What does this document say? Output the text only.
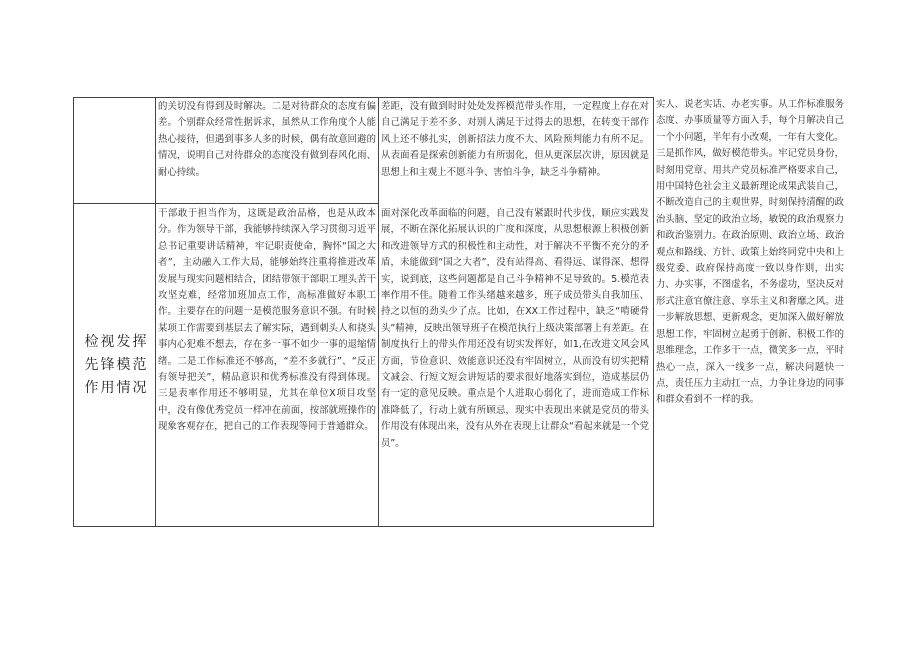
检视发挥
先锋模范
作用情况
的关切没有得到及时解决。二是对待群众的态度有偏差。个别群众经常性据诉求，虽然从工作角度个人能热心接待，但遇到事多人多的时候，偶有故意回避的情况，说明自己对待群众的态度没有做到春风化雨、耐心持续。
干部敢于担当作为，这既是政治品格，也是从政本分。作为领导干部，我能够持续深入学习贯彻习近平总书记重要讲话精神，牢记职责使命，胸怀“国之大者”，主动融入工作大局，能够始终注重将推进改革发展与现实问题相结合，团结带领干部职工埋头苦干攻坚克难，经常加班加点工作，高标准做好本职工作。主要存在的问题一是模范服务意识不强。有时候某项工作需要到基层去了解实际，遇到刺头人和挠头事内心犯难不想去，存在多一事不如少一事的退缩情绪。二是工作标准还不够高，“差不多就行”、“反正有领导把关”，精品意识和优秀标准没有得到体现。三是表率作用还不够明显，尤其在单位X项目攻坚中，没有像优秀党员一样冲在前面，按部就班操作的现象客观存在，把自己的工作表现等同于普通群众。
差距，没有做到时时处处发挥模范带头作用，一定程度上存在对自己满足于差不多、对别人满足于过得去的思想，在转变干部作风上还不够扎实，创新招法力度不大、风险预判能力有所不足。从表面看是探索创新能力有所弱化，但从更深层次讲，原因就是思想上和主观上不愿斗争、害怕斗争，缺乏斗争精神。
面对深化改革面临的问题，自己没有紧跟时代步伐，顺应实践发展，不断在深化拓展认识的广度和深度，从思想根源上积极创新和改进领导方式的积极性和主动性，对于解决不平衡不充分的矛盾，未能做到“国之大者”，没有站得高、看得远、谋得深、想得实，说到底，这些问题都是自己斗争精神不足导致的。5.模范表率作用不佳。随着工作头绪越来越多，班子成员带头自我加压、持之以恒的劲头少了点。比如，在XX工作过程中，缺乏“啃硬骨头”精神，反映出领导班子在模范执行上级决策部署上有差距。在制度执行上的带头作用还没有切实发挥好，如1,在改进文风会风方面，节俭意识、效能意识还没有牢固树立，从而没有切实把精文减会、行短文短会讲短话的要求很好地落实到位，造成基层仍有一定的意见反映。重点是个人进取心弱化了，进而造成工作标准降低了，行动上就有所顾忌，现实中表现出来就是党员的带头作用没有体现出来，没有从外在表现上让群众“看起来就是一个党员”。

实人、说老实话、办老实事。从工作标准服务态度、办事质量等方面入手，每个月解决自己一个小问题，半年有小改观，一年有大变化。

三是抓作风，做好模范带头。牢记党员身份，时刻用党章、用共产党员标准严格要求自己，用中国特色社会主义最新理论成果武装自己，不断改造自己的主观世界，时刻保持清醒的政治头脑、坚定的政治立场，敏锐的政治观察力和政治鉴别力。在政治原则、政治立场、政治观点和路线、方针、政策上始终同党中央和上级党委、政府保持高度一致以身作则，出实力、办实事，不图虚名，不务虚功，坚决反对形式注意官僚注意、享乐主义和奢靡之风。进一步解放思想、更新观念，更加深入做好解放思想工作，牢固树立起勇于创新、积极工作的思维理念，工作多干一点，微笑多一点，平时热心一点，深入一线多一点，解决问题快一点，责任压力主动扛一点，力争让身边的同事和群众看到不一样的我。
